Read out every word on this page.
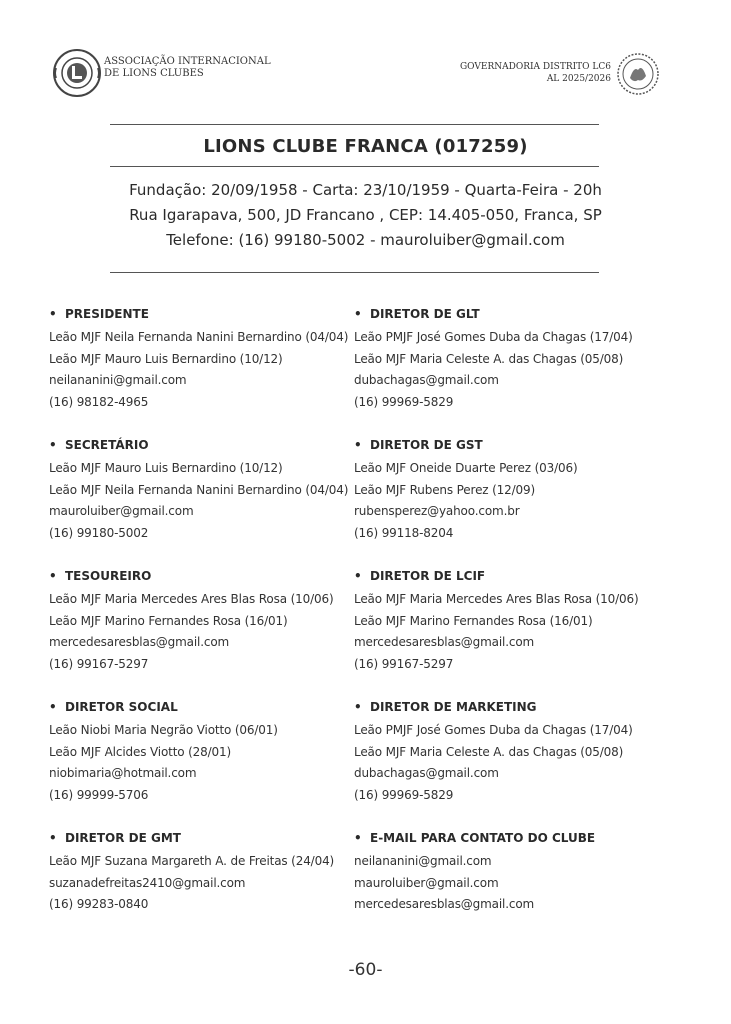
ASSOCIAÇÃO INTERNACIONAL
DE LIONS CLUBES
GOVERNADORIA DISTRITO LC6
AL 2025/2026
LIONS CLUBE FRANCA (017259)
Fundação: 20/09/1958 - Carta: 23/10/1959 - Quarta-Feira - 20h
Rua Igarapava, 500, JD Francano , CEP: 14.405-050, Franca, SP
Telefone: (16) 99180-5002 - mauroluiber@gmail.com
• PRESIDENTE
Leão MJF Neila Fernanda Nanini Bernardino (04/04)
Leão MJF Mauro Luis Bernardino (10/12)
neilananini@gmail.com
(16) 98182-4965
• SECRETÁRIO
Leão MJF Mauro Luis Bernardino (10/12)
Leão MJF Neila Fernanda Nanini Bernardino (04/04)
mauroluiber@gmail.com
(16) 99180-5002
• TESOUREIRO
Leão MJF Maria Mercedes Ares Blas Rosa (10/06)
Leão MJF Marino Fernandes Rosa (16/01)
mercedesaresblas@gmail.com
(16) 99167-5297
• DIRETOR SOCIAL
Leão Niobi Maria Negrão Viotto (06/01)
Leão MJF Alcides Viotto (28/01)
niobimaria@hotmail.com
(16) 99999-5706
• DIRETOR DE GMT
Leão MJF Suzana Margareth A. de Freitas (24/04)
suzanadefreitas2410@gmail.com
(16) 99283-0840
• DIRETOR DE GLT
Leão PMJF José Gomes Duba da Chagas (17/04)
Leão MJF Maria Celeste A. das Chagas (05/08)
dubachagas@gmail.com
(16) 99969-5829
• DIRETOR DE GST
Leão MJF Oneide Duarte Perez (03/06)
Leão MJF Rubens Perez (12/09)
rubensperez@yahoo.com.br
(16) 99118-8204
• DIRETOR DE LCIF
Leão MJF Maria Mercedes Ares Blas Rosa (10/06)
Leão MJF Marino Fernandes Rosa (16/01)
mercedesaresblas@gmail.com
(16) 99167-5297
• DIRETOR DE MARKETING
Leão PMJF José Gomes Duba da Chagas (17/04)
Leão MJF Maria Celeste A. das Chagas (05/08)
dubachagas@gmail.com
(16) 99969-5829
• E-MAIL PARA CONTATO DO CLUBE
neilananini@gmail.com
mauroluiber@gmail.com
mercedesaresblas@gmail.com
-60-
